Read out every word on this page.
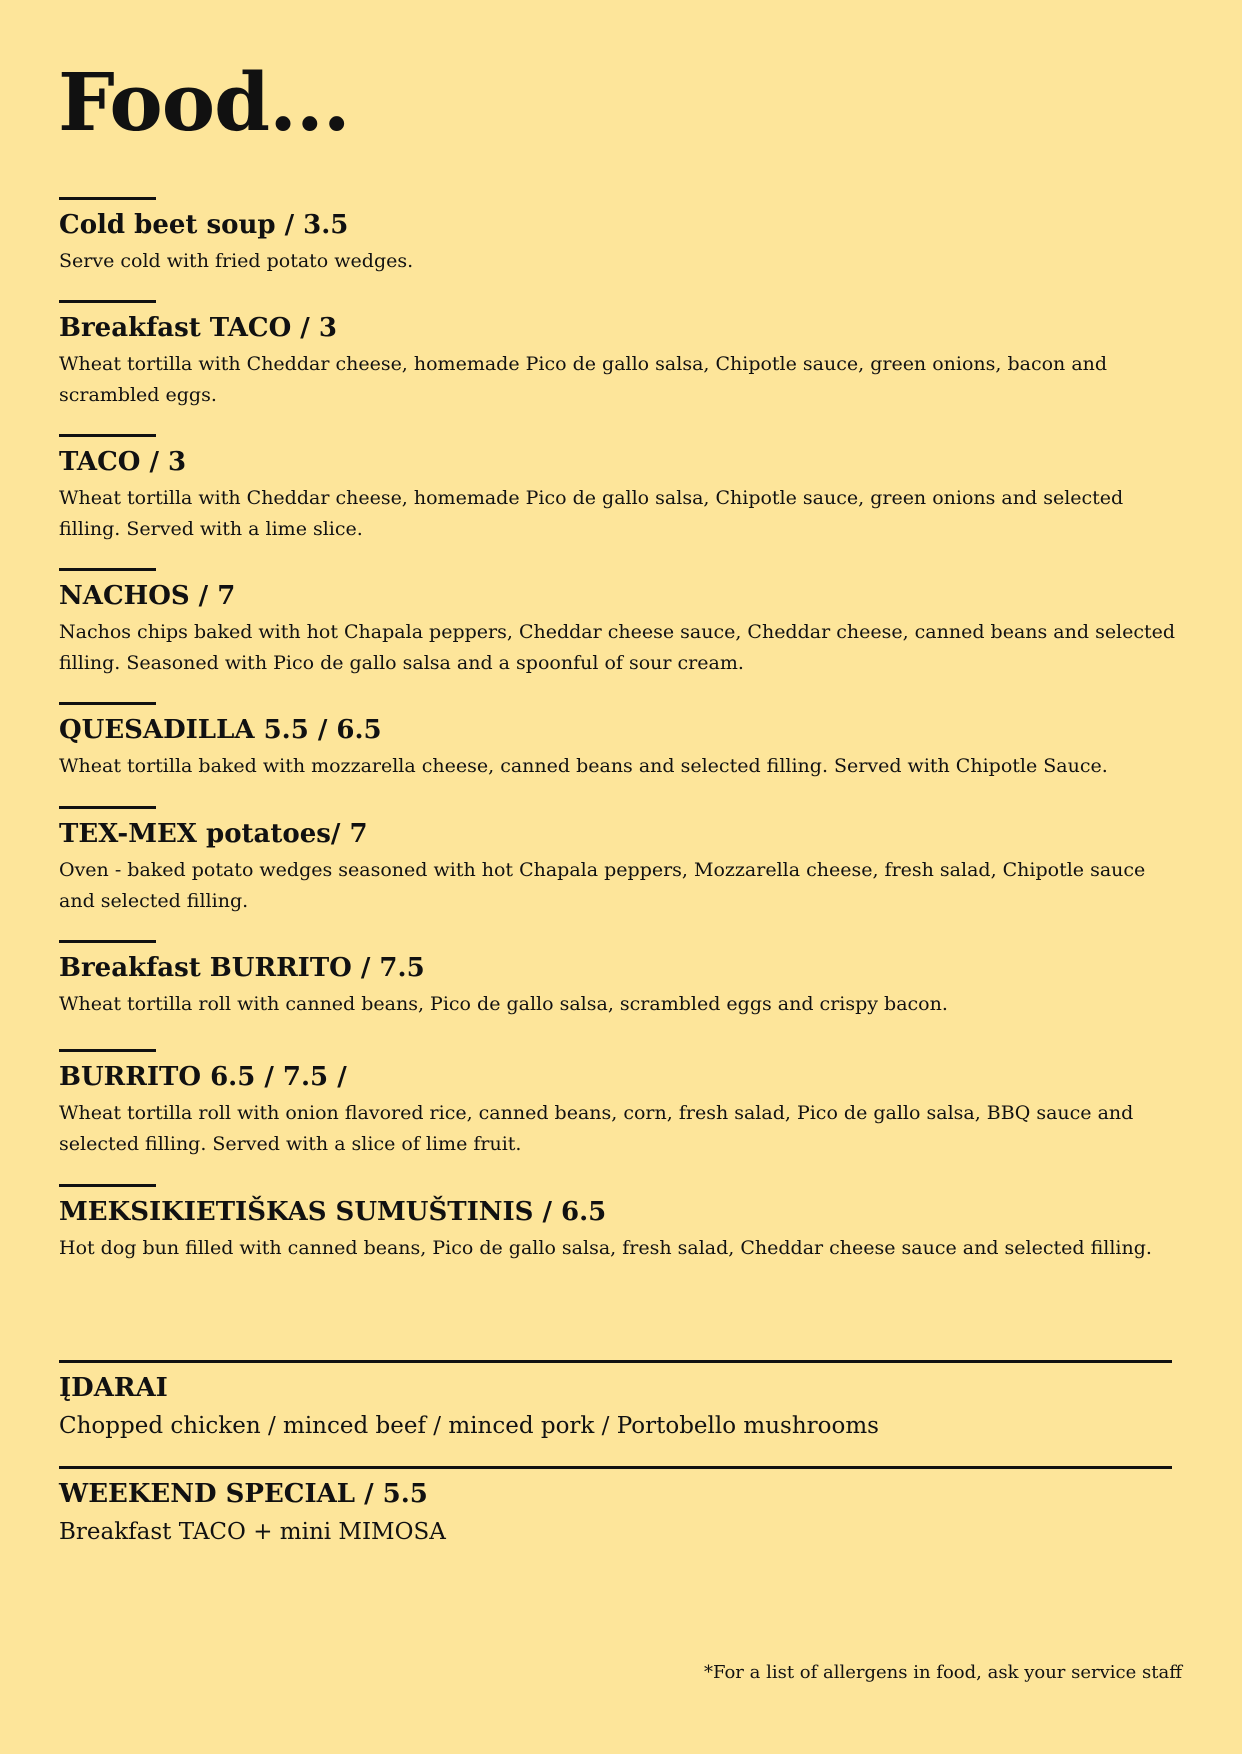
Food...
Cold beet soup / 3.5

Serve cold with fried potato wedges.

Breakfast TACO / 3

Wheat tortilla with Cheddar cheese, homemade Pico de gallo salsa, Chipotle sauce, green onions, bacon and scrambled eggs.

TACO / 3

Wheat tortilla with Cheddar cheese, homemade Pico de gallo salsa, Chipotle sauce, green onions and selected filling. Served with a lime slice.

NACHOS / 7

Nachos chips baked with hot Chapala peppers, Cheddar cheese sauce, Cheddar cheese, canned beans and selected filling. Seasoned with Pico de gallo salsa and a spoonful of sour cream.

QUESADILLA 5.5 / 6.5

Wheat tortilla baked with mozzarella cheese, canned beans and selected filling. Served with Chipotle Sauce.

TEX-MEX potatoes/ 7

Oven - baked potato wedges seasoned with hot Chapala peppers, Mozzarella cheese, fresh salad, Chipotle sauce and selected filling.

Breakfast BURRITO / 7.5

Wheat tortilla roll with canned beans, Pico de gallo salsa, scrambled eggs and crispy bacon.

BURRITO 6.5 / 7.5 /

Wheat tortilla roll with onion flavored rice, canned beans, corn, fresh salad, Pico de gallo salsa, BBQ sauce and selected filling. Served with a slice of lime fruit.

MEKSIKIETIŠKAS SUMUŠTINIS / 6.5

Hot dog bun filled with canned beans, Pico de gallo salsa, fresh salad, Cheddar cheese sauce and selected filling.

ĮDARAI

Chopped chicken / minced beef / minced pork / Portobello mushrooms

WEEKEND SPECIAL / 5.5

Breakfast TACO + mini MIMOSA

*For a list of allergens in food, ask your service staff
